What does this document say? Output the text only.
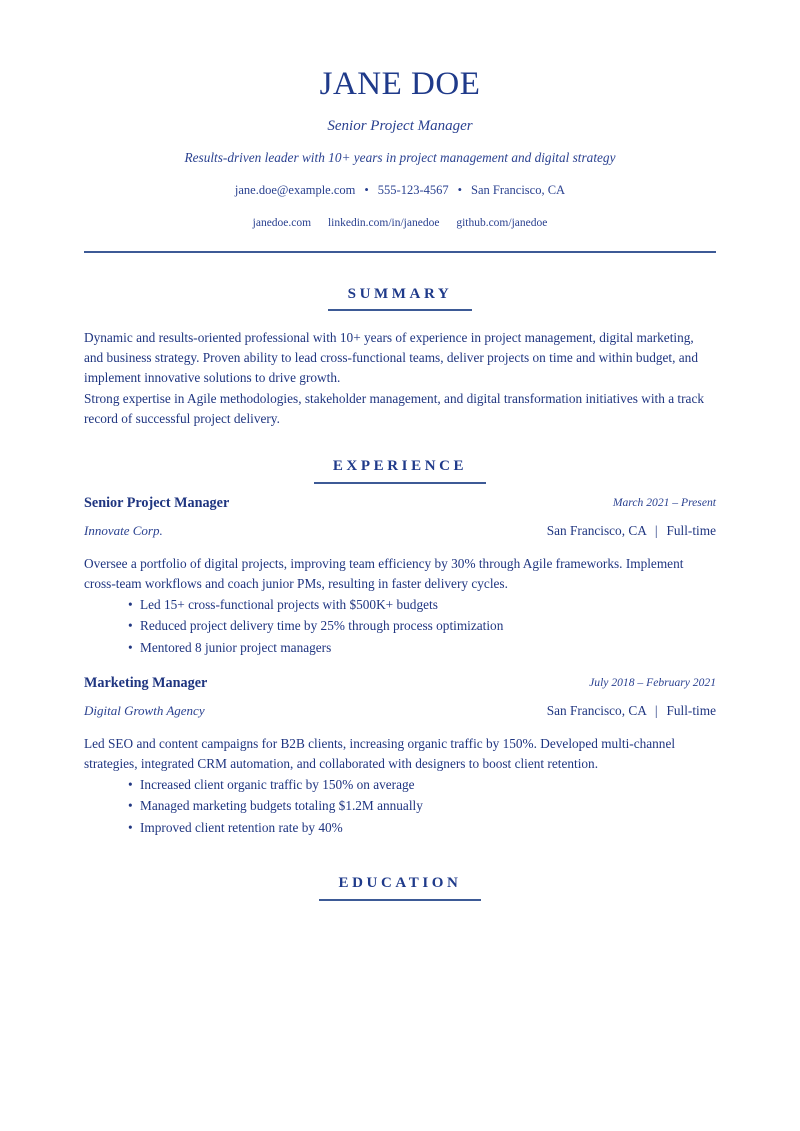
JANE DOE
Senior Project Manager
Results-driven leader with 10+ years in project management and digital strategy
jane.doe@example.com • 555-123-4567 • San Francisco, CA
janedoe.com linkedin.com/in/janedoe github.com/janedoe
SUMMARY
Dynamic and results-oriented professional with 10+ years of experience in project management, digital marketing,
and business strategy. Proven ability to lead cross-functional teams, deliver projects on time and within budget, and
implement innovative solutions to drive growth.
Strong expertise in Agile methodologies, stakeholder management, and digital transformation initiatives with a track
record of successful project delivery.
EXPERIENCE
Senior Project Manager	March 2021 – Present
Innovate Corp.	San Francisco, CA | Full-time
Oversee a portfolio of digital projects, improving team efficiency by 30% through Agile frameworks. Implement
cross-team workflows and coach junior PMs, resulting in faster delivery cycles.
• Led 15+ cross-functional projects with $500K+ budgets
• Reduced project delivery time by 25% through process optimization
• Mentored 8 junior project managers
Marketing Manager	July 2018 – February 2021
Digital Growth Agency	San Francisco, CA | Full-time
Led SEO and content campaigns for B2B clients, increasing organic traffic by 150%. Developed multi-channel
strategies, integrated CRM automation, and collaborated with designers to boost client retention.
• Increased client organic traffic by 150% on average
• Managed marketing budgets totaling $1.2M annually
• Improved client retention rate by 40%
EDUCATION
